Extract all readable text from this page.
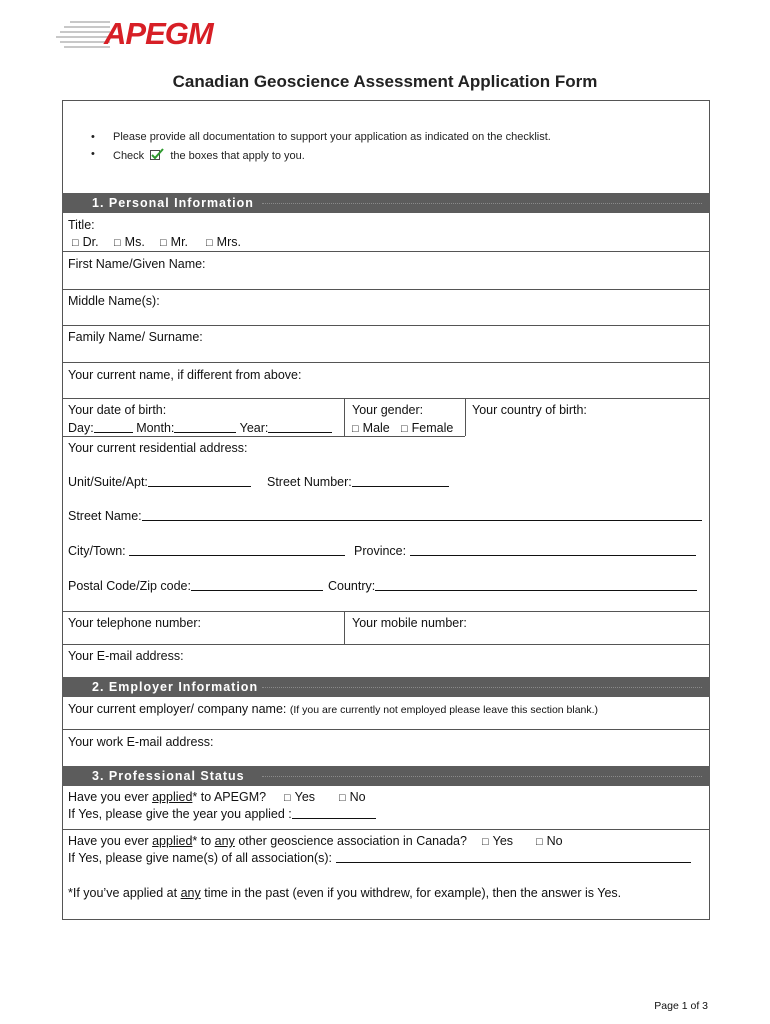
APEGM
Canadian Geoscience Assessment Application Form
• Please provide all documentation to support your application as indicated on the checklist.
• Check the boxes that apply to you.
1. Personal Information
Title:
□ Dr. □ Ms. □ Mr. □ Mrs.
First Name/Given Name:
Middle Name(s):
Family Name/ Surname:
Your current name, if different from above:
Your date of birth:
Day:	Month:	Year:
Your gender:
□ Male □ Female
Your country of birth:
Your current residential address:
Unit/Suite/Apt:	Street Number:
Street Name:
City/Town:	Province:
Postal Code/Zip code:	Country:
Your telephone number:	Your mobile number:
Your E-mail address:
2. Employer Information
Your current employer/ company name: (If you are currently not employed please leave this section blank.)
Your work E-mail address:
3. Professional Status
Have you ever applied* to APEGM? □ Yes □ No
If Yes, please give the year you applied :
Have you ever applied* to any other geoscience association in Canada? □ Yes □ No
If Yes, please give name(s) of all association(s):
*If you’ve applied at any time in the past (even if you withdrew, for example), then the answer is Yes.
Page 1 of 3
